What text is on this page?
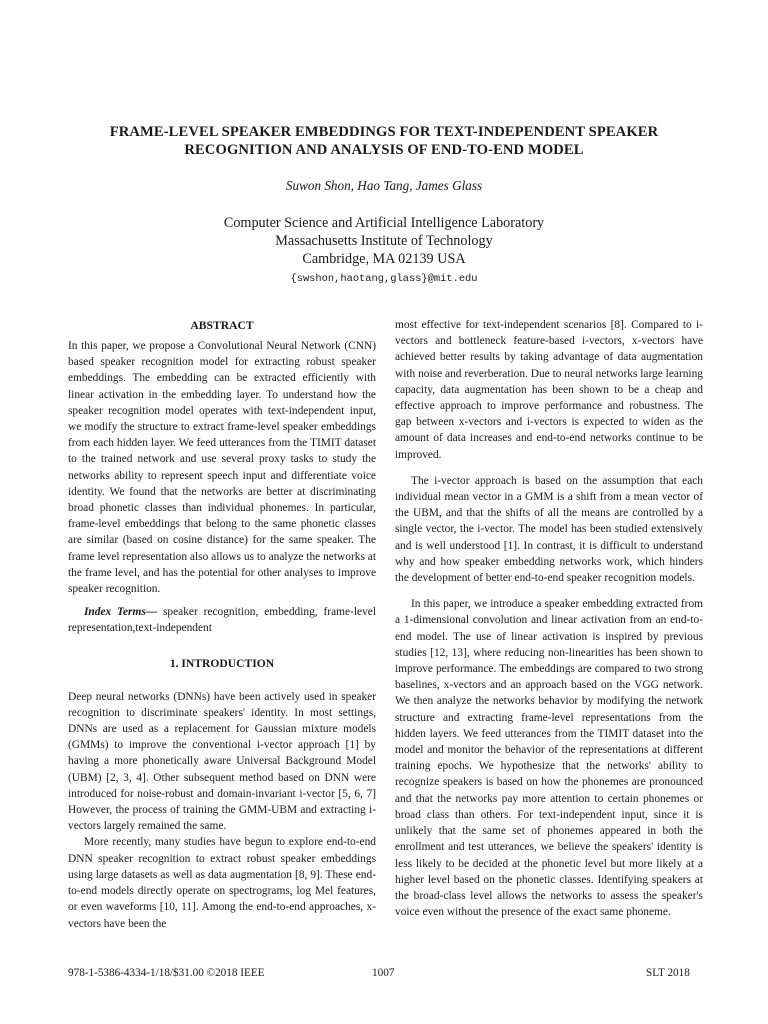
FRAME-LEVEL SPEAKER EMBEDDINGS FOR TEXT-INDEPENDENT SPEAKER
RECOGNITION AND ANALYSIS OF END-TO-END MODEL
Suwon Shon, Hao Tang, James Glass
Computer Science and Artificial Intelligence Laboratory
Massachusetts Institute of Technology
Cambridge, MA 02139 USA
{swshon,haotang,glass}@mit.edu
ABSTRACT

In this paper, we propose a Convolutional Neural Network (CNN) based speaker recognition model for extracting robust speaker embeddings. The embedding can be extracted efficiently with linear activation in the embedding layer. To understand how the speaker recognition model operates with text-independent input, we modify the structure to extract frame-level speaker embeddings from each hidden layer. We feed utterances from the TIMIT dataset to the trained network and use several proxy tasks to study the networks ability to represent speech input and differentiate voice identity. We found that the networks are better at discriminating broad phonetic classes than individual phonemes. In particular, frame-level embeddings that belong to the same phonetic classes are similar (based on cosine distance) for the same speaker. The frame level representation also allows us to analyze the networks at the frame level, and has the potential for other analyses to improve speaker recognition.

Index Terms— speaker recognition, embedding, frame-level representation,text-independent

1. INTRODUCTION

Deep neural networks (DNNs) have been actively used in speaker recognition to discriminate speakers' identity. In most settings, DNNs are used as a replacement for Gaussian mixture models (GMMs) to improve the conventional i-vector approach [1] by having a more phonetically aware Universal Background Model (UBM) [2, 3, 4]. Other subsequent method based on DNN were introduced for noise-robust and domain-invariant i-vector [5, 6, 7] However, the process of training the GMM-UBM and extracting i-vectors largely remained the same.

More recently, many studies have begun to explore end-to-end DNN speaker recognition to extract robust speaker embeddings using large datasets as well as data augmentation [8, 9]. These end-to-end models directly operate on spectrograms, log Mel features, or even waveforms [10, 11]. Among the end-to-end approaches, x-vectors have been the

most effective for text-independent scenarios [8]. Compared to i-vectors and bottleneck feature-based i-vectors, x-vectors have achieved better results by taking advantage of data augmentation with noise and reverberation. Due to neural networks large learning capacity, data augmentation has been shown to be a cheap and effective approach to improve performance and robustness. The gap between x-vectors and i-vectors is expected to widen as the amount of data increases and end-to-end networks continue to be improved.

The i-vector approach is based on the assumption that each individual mean vector in a GMM is a shift from a mean vector of the UBM, and that the shifts of all the means are controlled by a single vector, the i-vector. The model has been studied extensively and is well understood [1]. In contrast, it is difficult to understand why and how speaker embedding networks work, which hinders the development of better end-to-end speaker recognition models.

In this paper, we introduce a speaker embedding extracted from a 1-dimensional convolution and linear activation from an end-to-end model. The use of linear activation is inspired by previous studies [12, 13], where reducing non-linearities has been shown to improve performance. The embeddings are compared to two strong baselines, x-vectors and an approach based on the VGG network. We then analyze the networks behavior by modifying the network structure and extracting frame-level representations from the hidden layers. We feed utterances from the TIMIT dataset into the model and monitor the behavior of the representations at different training epochs. We hypothesize that the networks' ability to recognize speakers is based on how the phonemes are pronounced and that the networks pay more attention to certain phonemes or broad class than others. For text-independent input, since it is unlikely that the same set of phonemes appeared in both the enrollment and test utterances, we believe the speakers' identity is less likely to be decided at the phonetic level but more likely at a higher level based on the phonetic classes. Identifying speakers at the broad-class level allows the networks to assess the speaker's voice even without the presence of the exact same phoneme.

978-1-5386-4334-1/18/$31.00 ©2018 IEEE	1007	SLT 2018
